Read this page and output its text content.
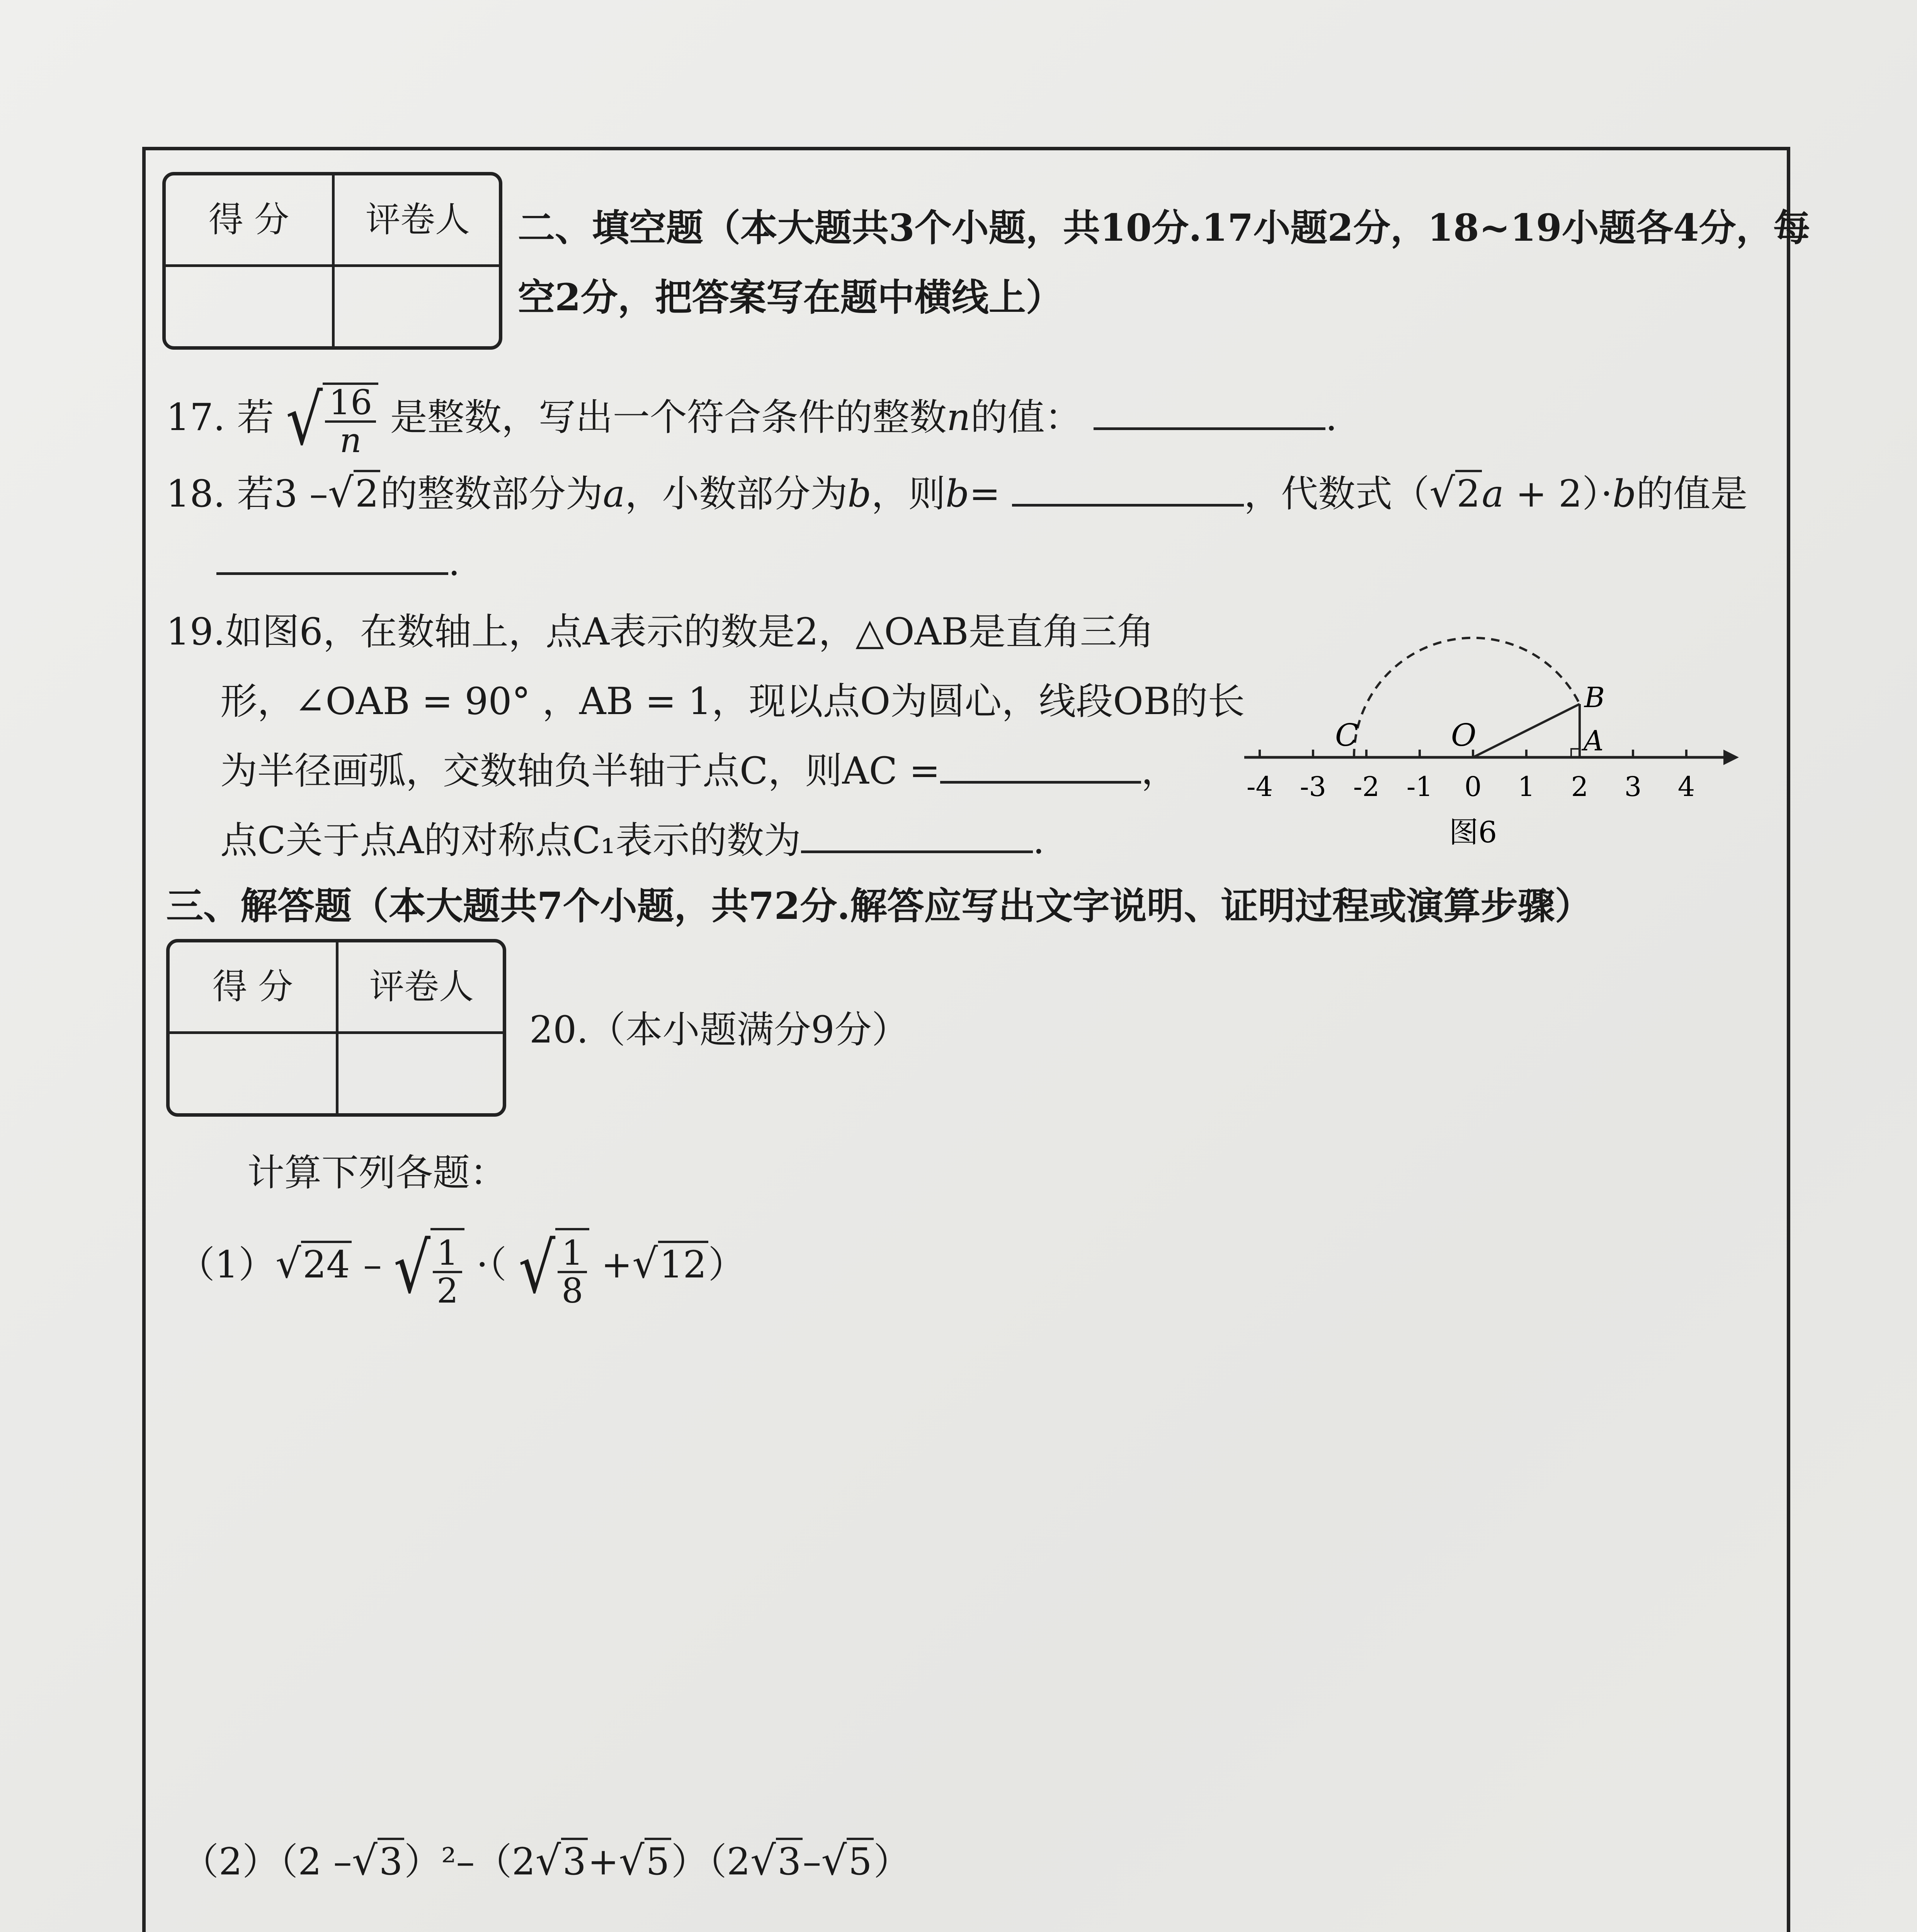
得 分	评卷人	二、填空题（本大题共3个小题，共10分.17小题2分，18~19小题各4分，每
空2分，把答案写在题中横线上）
17. 若 √ $\frac{16}{n}$ 是整数，写出一个符合条件的整数n的值：	.
18. 若3 –√2的整数部分为a，小数部分为b，则b=	，代数式（√2a + 2）·b的值是
.
19.如图6，在数轴上，点A表示的数是2，△OAB是直角三角
形，∠OAB = 90° ，AB = 1，现以点O为圆心，线段OB的长
为半径画弧，交数轴负半轴于点C，则AC =	，
点C关于点A的对称点C₁表示的数为	.
C	O
B
A
-4 -3 -2 -1 0 1 2 3 4
图6
三、解答题（本大题共7个小题，共72分.解答应写出文字说明、证明过程或演算步骤）
得 分	评卷人
20.（本小题满分9分）
计算下列各题：
（1）√24 – √ $\frac{1}{2}$ ·（ √ $\frac{1}{8} +√12$）
（2）（2 –√3）²–（2√3+√5）（2√3–√5）
